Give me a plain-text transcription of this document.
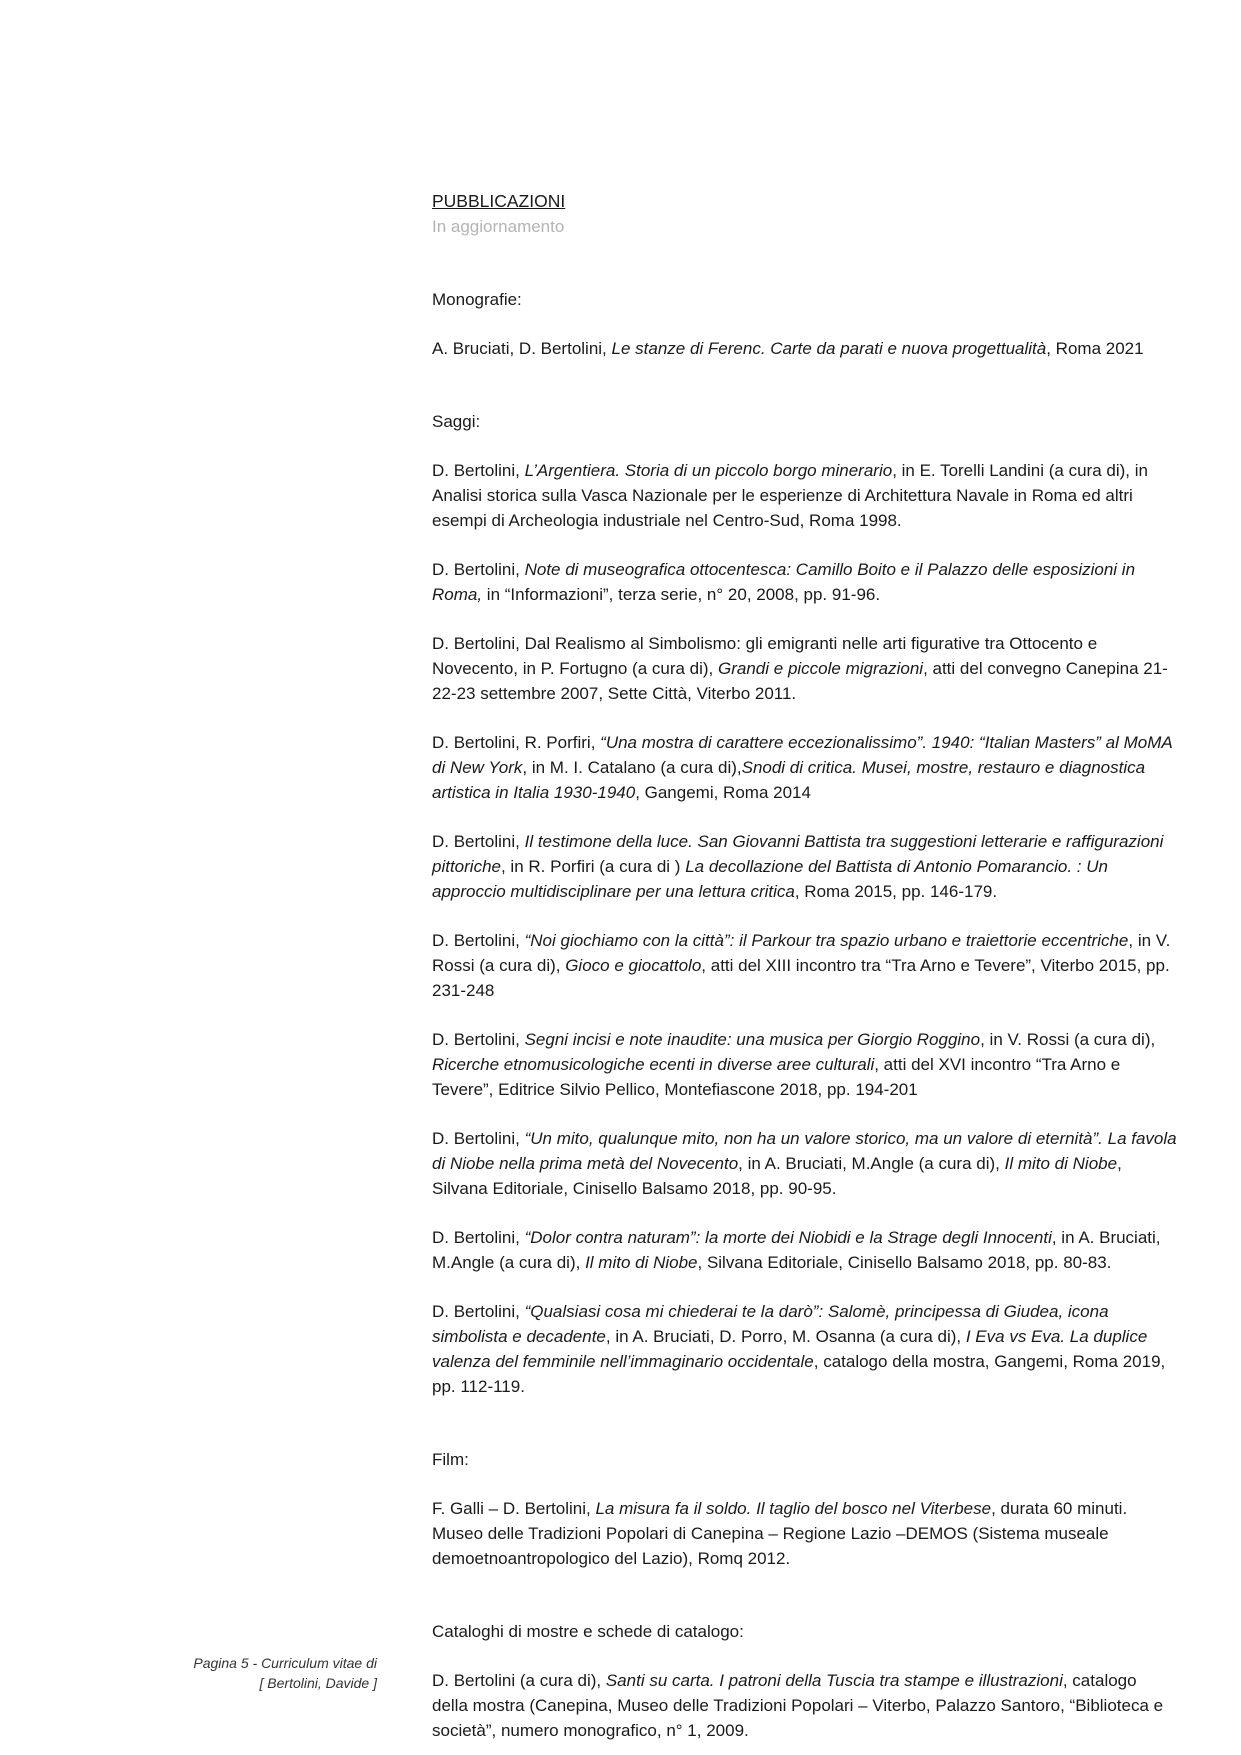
PUBBLICAZIONI
In aggiornamento
Monografie:

A. Bruciati, D. Bertolini, Le stanze di Ferenc. Carte da parati e nuova progettualità, Roma 2021

Saggi:

D. Bertolini, L’Argentiera. Storia di un piccolo borgo minerario, in E. Torelli Landini (a cura di), in Analisi storica sulla Vasca Nazionale per le esperienze di Architettura Navale in Roma ed altri esempi di Archeologia industriale nel Centro-Sud, Roma 1998.

D. Bertolini, Note di museografica ottocentesca: Camillo Boito e il Palazzo delle esposizioni in Roma, in “Informazioni”, terza serie, n° 20, 2008, pp. 91-96.

D. Bertolini, Dal Realismo al Simbolismo: gli emigranti nelle arti figurative tra Ottocento e Novecento, in P. Fortugno (a cura di), Grandi e piccole migrazioni, atti del convegno Canepina 21-22-23 settembre 2007, Sette Città, Viterbo 2011.

D. Bertolini, R. Porfiri, “Una mostra di carattere eccezionalissimo”. 1940: “Italian Masters” al MoMA di New York, in M. I. Catalano (a cura di),Snodi di critica. Musei, mostre, restauro e diagnostica artistica in Italia 1930-1940, Gangemi, Roma 2014

D. Bertolini, Il testimone della luce. San Giovanni Battista tra suggestioni letterarie e raffigurazioni pittoriche, in R. Porfiri (a cura di ) La decollazione del Battista di Antonio Pomarancio. : Un approccio multidisciplinare per una lettura critica, Roma 2015, pp. 146-179.

D. Bertolini, “Noi giochiamo con la città”: il Parkour tra spazio urbano e traiettorie eccentriche, in V. Rossi (a cura di), Gioco e giocattolo, atti del XIII incontro tra “Tra Arno e Tevere”, Viterbo 2015, pp. 231-248

D. Bertolini, Segni incisi e note inaudite: una musica per Giorgio Roggino, in V. Rossi (a cura di), Ricerche etnomusicologiche ecenti in diverse aree culturali, atti del XVI incontro “Tra Arno e Tevere”, Editrice Silvio Pellico, Montefiascone 2018, pp. 194-201

D. Bertolini, “Un mito, qualunque mito, non ha un valore storico, ma un valore di eternità”. La favola di Niobe nella prima metà del Novecento, in A. Bruciati, M.Angle (a cura di), Il mito di Niobe, Silvana Editoriale, Cinisello Balsamo 2018, pp. 90-95.

D. Bertolini, “Dolor contra naturam”: la morte dei Niobidi e la Strage degli Innocenti, in A. Bruciati, M.Angle (a cura di), Il mito di Niobe, Silvana Editoriale, Cinisello Balsamo 2018, pp. 80-83.

D. Bertolini, “Qualsiasi cosa mi chiederai te la darò”: Salomè, principessa di Giudea, icona simbolista e decadente, in A. Bruciati, D. Porro, M. Osanna (a cura di), I Eva vs Eva. La duplice valenza del femminile nell’immaginario occidentale, catalogo della mostra, Gangemi, Roma 2019, pp. 112-119.

Film:

F. Galli – D. Bertolini, La misura fa il soldo. Il taglio del bosco nel Viterbese, durata 60 minuti. Museo delle Tradizioni Popolari di Canepina – Regione Lazio –DEMOS (Sistema museale demoetnoantropologico del Lazio), Romq 2012.

Cataloghi di mostre e schede di catalogo:

D. Bertolini (a cura di), Santi su carta. I patroni della Tuscia tra stampe e illustrazioni, catalogo della mostra (Canepina, Museo delle Tradizioni Popolari – Viterbo, Palazzo Santoro, “Biblioteca e società”, numero monografico, n° 1, 2009.

Pagina 5 - Curriculum vitae di
[ Bertolini, Davide ]
